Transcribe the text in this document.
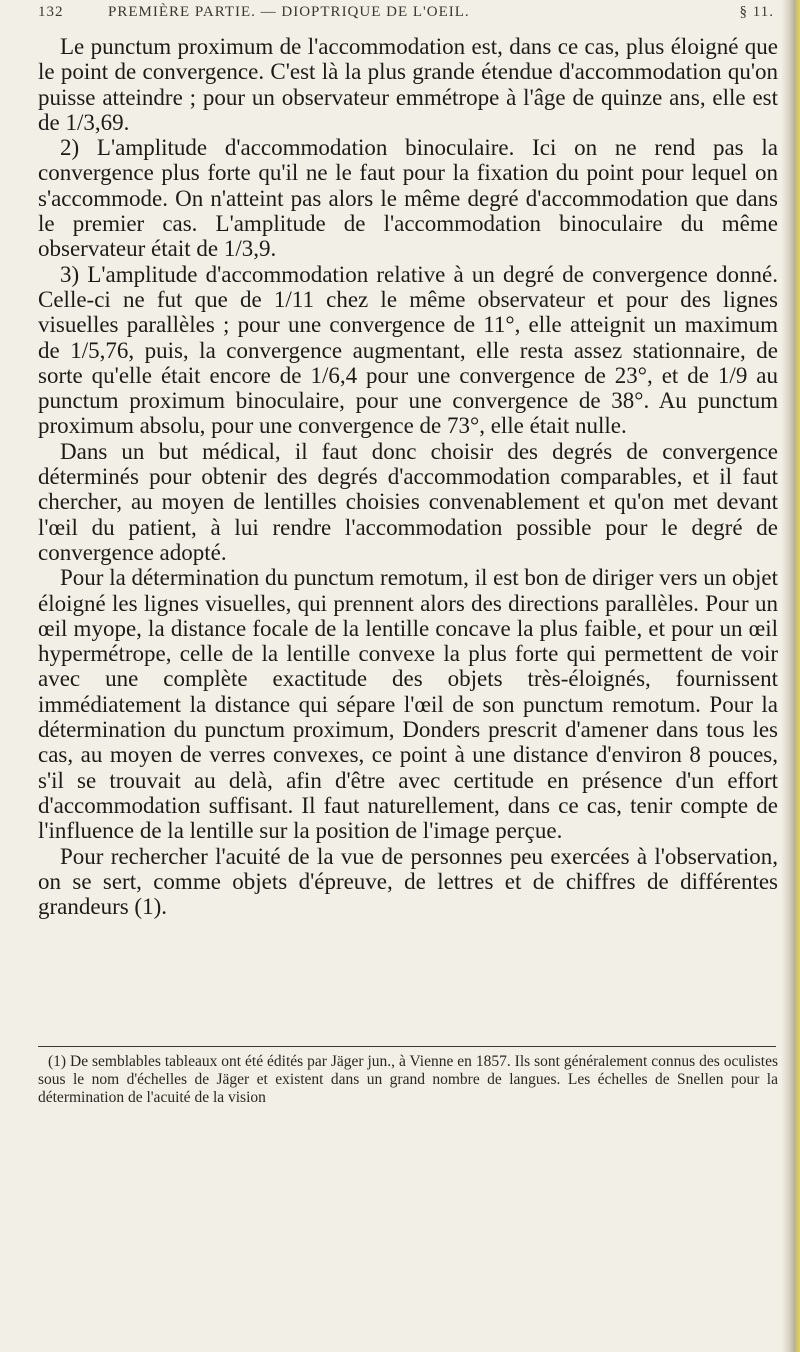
132	PREMIÈRE PARTIE. — DIOPTRIQUE DE L'OEIL.	§ 11.

Le punctum proximum de l'accommodation est, dans ce cas, plus éloigné que le point de convergence. C'est là la plus grande étendue d'accommodation qu'on puisse atteindre ; pour un observateur emmétrope à l'âge de quinze ans, elle est de 1/3,69.

2) L'amplitude d'accommodation binoculaire. Ici on ne rend pas la convergence plus forte qu'il ne le faut pour la fixation du point pour lequel on s'accommode. On n'atteint pas alors le même degré d'accommodation que dans le premier cas. L'amplitude de l'accommodation binoculaire du même observateur était de 1/3,9.

3) L'amplitude d'accommodation relative à un degré de convergence donné. Celle-ci ne fut que de 1/11 chez le même observateur et pour des lignes visuelles parallèles ; pour une convergence de 11°, elle atteignit un maximum de 1/5,76, puis, la convergence augmentant, elle resta assez stationnaire, de sorte qu'elle était encore de 1/6,4 pour une convergence de 23°, et de 1/9 au punctum proximum binoculaire, pour une convergence de 38°. Au punctum proximum absolu, pour une convergence de 73°, elle était nulle.

Dans un but médical, il faut donc choisir des degrés de convergence déterminés pour obtenir des degrés d'accommodation comparables, et il faut chercher, au moyen de lentilles choisies convenablement et qu'on met devant l'œil du patient, à lui rendre l'accommodation possible pour le degré de convergence adopté.

Pour la détermination du punctum remotum, il est bon de diriger vers un objet éloigné les lignes visuelles, qui prennent alors des directions parallèles. Pour un œil myope, la distance focale de la lentille concave la plus faible, et pour un œil hypermétrope, celle de la lentille convexe la plus forte qui permettent de voir avec une complète exactitude des objets très-éloignés, fournissent immédiatement la distance qui sépare l'œil de son punctum remotum. Pour la détermination du punctum proximum, Donders prescrit d'amener dans tous les cas, au moyen de verres convexes, ce point à une distance d'environ 8 pouces, s'il se trouvait au delà, afin d'être avec certitude en présence d'un effort d'accommodation suffisant. Il faut naturellement, dans ce cas, tenir compte de l'influence de la lentille sur la position de l'image perçue.

Pour rechercher l'acuité de la vue de personnes peu exercées à l'observation, on se sert, comme objets d'épreuve, de lettres et de chiffres de différentes grandeurs (1).

(1) De semblables tableaux ont été édités par Jäger jun., à Vienne en 1857. Ils sont généralement connus des oculistes sous le nom d'échelles de Jäger et existent dans un grand nombre de langues. Les échelles de Snellen pour la détermination de l'acuité de la vision
